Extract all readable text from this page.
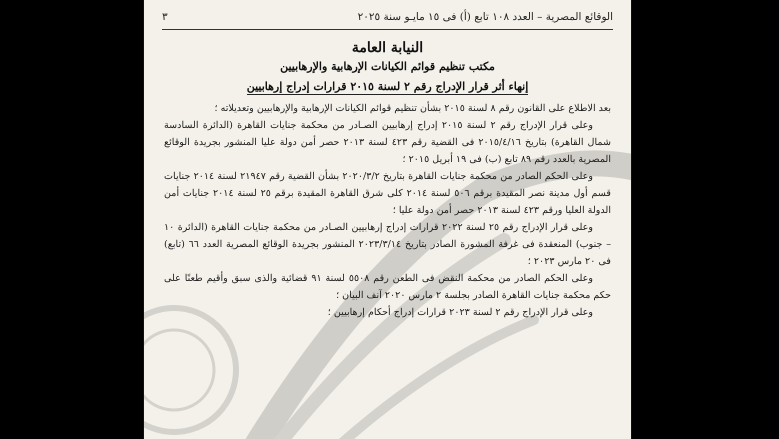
الوقائع المصرية – العدد ١٠٨ تابع (أ) فى ١٥ مايـو سنة ٢٠٢٥
٣
النيابة العامة
مكتب تنظيم قوائم الكيانات الإرهابية والإرهابيين
إنهاء أثر قرار الإدراج رقم ٢ لسنة ٢٠١٥ قرارات إدراج إرهابيين

بعد الاطلاع على القانون رقم ٨ لسنة ٢٠١٥ بشأن تنظيم قوائم الكيانات الإرهابية والإرهابيين وتعديلاته ؛

وعلى قرار الإدراج رقم ٢ لسنة ٢٠١٥ إدراج إرهابيين الصـادر من محكمة جنايات القاهرة (الدائرة السادسة شمال القاهرة) بتاريخ ٢٠١٥/٤/١٦ فى القضية رقم ٤٢٣ لسنة ٢٠١٣ حصر أمن دولة عليا المنشور بجريدة الوقائع المصرية بالعدد رقم ٨٩ تابع (ب) فى ١٩ أبريل ٢٠١٥ ؛

وعلى الحكم الصادر من محكمة جنايات القاهرة بتاريخ ٢٠٢٠/٣/٢ بشأن القضية رقم ٢١٩٤٧ لسنة ٢٠١٤ جنايات قسم أول مدينة نصر المقيدة برقم ٥٠٦ لسنة ٢٠١٤ كلى شرق القاهرة المقيدة برقم ٢٥ لسنة ٢٠١٤ جنايات أمن الدولة العليا ورقم ٤٢٣ لسنة ٢٠١٣ حصر أمن دولة عليا ؛

وعلى قرار الإدراج رقم ٢٥ لسنة ٢٠٢٢ قرارات إدراج إرهابيين الصـادر من محكمة جنايات القاهرة (الدائرة ١٠ – جنوب) المنعقدة فى غرفة المشورة الصادر بتاريخ ٢٠٢٣/٣/١٤ المنشور بجريدة الوقائع المصرية العدد ٦٦ (تابع) فى ٢٠ مارس ٢٠٢٣ ؛

وعلى الحكم الصادر من محكمة النقض فى الطعن رقم ٥٥٠٨ لسنة ٩١ قضائية والذى سبق وأقيم طعنًا على حكم محكمة جنايات القاهرة الصادر بجلسة ٢ مارس ٢٠٢٠ آنف البيان ؛

وعلى قرار الإدراج رقم ٢ لسنة ٢٠٢٣ قرارات إدراج أحكام إرهابيين ؛
